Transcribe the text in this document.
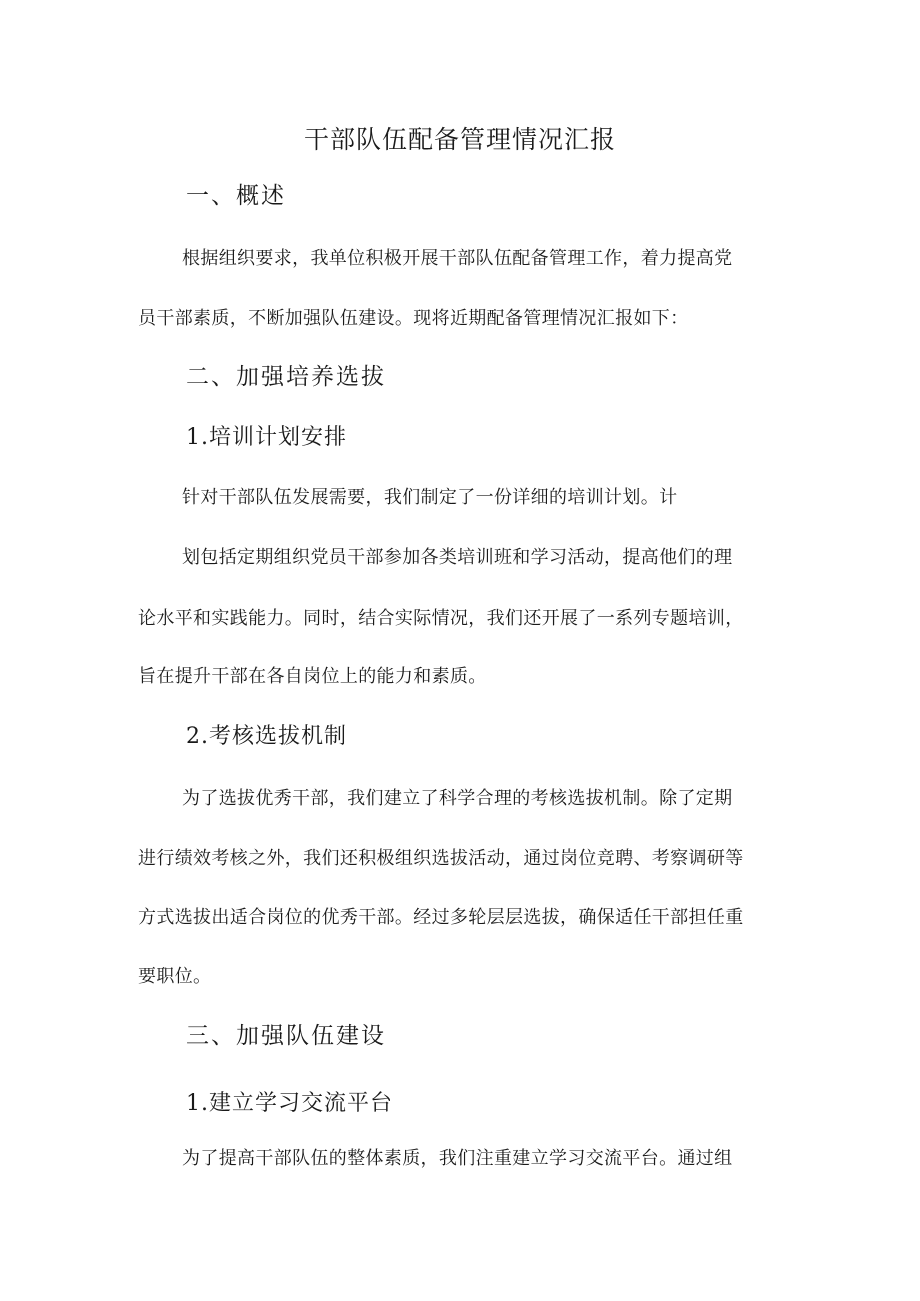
干部队伍配备管理情况汇报
一、概述
根据组织要求，我单位积极开展干部队伍配备管理工作，着力提高党
员干部素质，不断加强队伍建设。现将近期配备管理情况汇报如下：
二、加强培养选拔
1.培训计划安排
针对干部队伍发展需要，我们制定了一份详细的培训计划。计
划包括定期组织党员干部参加各类培训班和学习活动，提高他们的理
论水平和实践能力。同时，结合实际情况，我们还开展了一系列专题培训，
旨在提升干部在各自岗位上的能力和素质。
2.考核选拔机制
为了选拔优秀干部，我们建立了科学合理的考核选拔机制。除了定期
进行绩效考核之外，我们还积极组织选拔活动，通过岗位竞聘、考察调研等
方式选拔出适合岗位的优秀干部。经过多轮层层选拔，确保适任干部担任重
要职位。
三、加强队伍建设
1.建立学习交流平台
为了提高干部队伍的整体素质，我们注重建立学习交流平台。通过组
